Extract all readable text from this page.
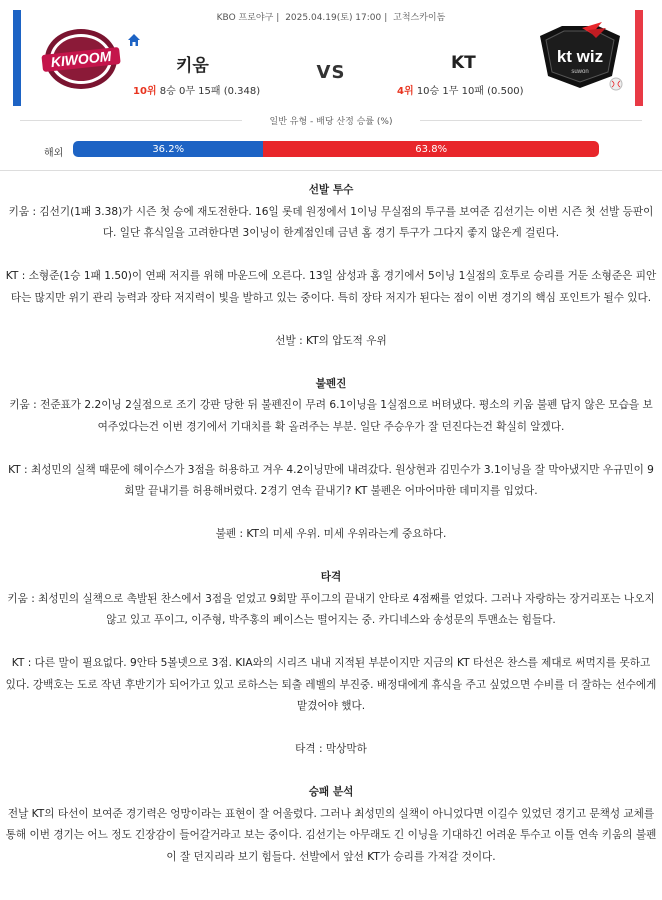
KBO 프로야구 | 2025.04.19(토) 17:00 | 고척스카이돔
KIWOOM	키움
10위 8승 0무 15패 (0.348)
VS	KT
4위 10승 1무 10패 (0.500)
kt wiz
suwon
일반 유형 - 배당 산정 승률 (%)
해외	36.2%	63.8%

선발 투수

키움 : 김선기(1패 3.38)가 시즌 첫 승에 재도전한다. 16일 롯데 원정에서 1이닝 무실점의 투구를 보여준 김선기는 이번 시즌 첫 선발 등판이다. 일단 휴식일을 고려한다면 3이닝이 한계점인데 금년 홈 경기 투구가 그다지 좋지 않은게 걸린다.

KT : 소형준(1승 1패 1.50)이 연패 저지를 위해 마운드에 오른다. 13일 삼성과 홈 경기에서 5이닝 1실점의 호투로 승리를 거둔 소형준은 피안타는 많지만 위기 관리 능력과 장타 저지력이 빛을 발하고 있는 중이다. 특히 장타 저지가 된다는 점이 이번 경기의 핵심 포인트가 될수 있다.

선발 : KT의 압도적 우위

불펜진

키움 : 전준표가 2.2이닝 2실점으로 조기 강판 당한 뒤 불펜진이 무려 6.1이닝을 1실점으로 버텨냈다. 평소의 키움 불펜 답지 않은 모습을 보여주었다는건 이번 경기에서 기대치를 확 올려주는 부분. 일단 주승우가 잘 던진다는건 확실히 알겠다.

KT : 최성민의 실책 때문에 헤이수스가 3점을 허용하고 겨우 4.2이닝만에 내려갔다. 원상현과 김민수가 3.1이닝을 잘 막아냈지만 우규민이 9회말 끝내기를 허용해버렸다. 2경기 연속 끝내기? KT 불펜은 어마어마한 데미지를 입었다.

불펜 : KT의 미세 우위. 미세 우위라는게 중요하다.

타격

키움 : 최성민의 실책으로 촉발된 찬스에서 3점을 얻었고 9회말 푸이그의 끝내기 안타로 4점째를 얻었다. 그러나 자랑하는 장거리포는 나오지 않고 있고 푸이그, 이주형, 박주홍의 페이스는 떨어지는 중. 카디네스와 송성문의 투맨쇼는 힘들다.

KT : 다른 말이 필요없다. 9안타 5볼넷으로 3점. KIA와의 시리즈 내내 지적된 부분이지만 지금의 KT 타선은 찬스를 제대로 써먹지를 못하고 있다. 강백호는 도로 작년 후반기가 되어가고 있고 로하스는 퇴출 레벨의 부진중. 배정대에게 휴식을 주고 싶었으면 수비를 더 잘하는 선수에게 맡겼어야 했다.

타격 : 막상막하

승패 분석

전날 KT의 타선이 보여준 경기력은 엉망이라는 표현이 잘 어울렸다. 그러나 최성민의 실책이 아니었다면 이길수 있었던 경기고 문책성 교체를 통해 이번 경기는 어느 정도 긴장감이 들어갈거라고 보는 중이다. 김선기는 아무래도 긴 이닝을 기대하긴 어려운 투수고 이틀 연속 키움의 불펜이 잘 던지리라 보기 힘들다. 선발에서 앞선 KT가 승리를 가져갈 것이다.
